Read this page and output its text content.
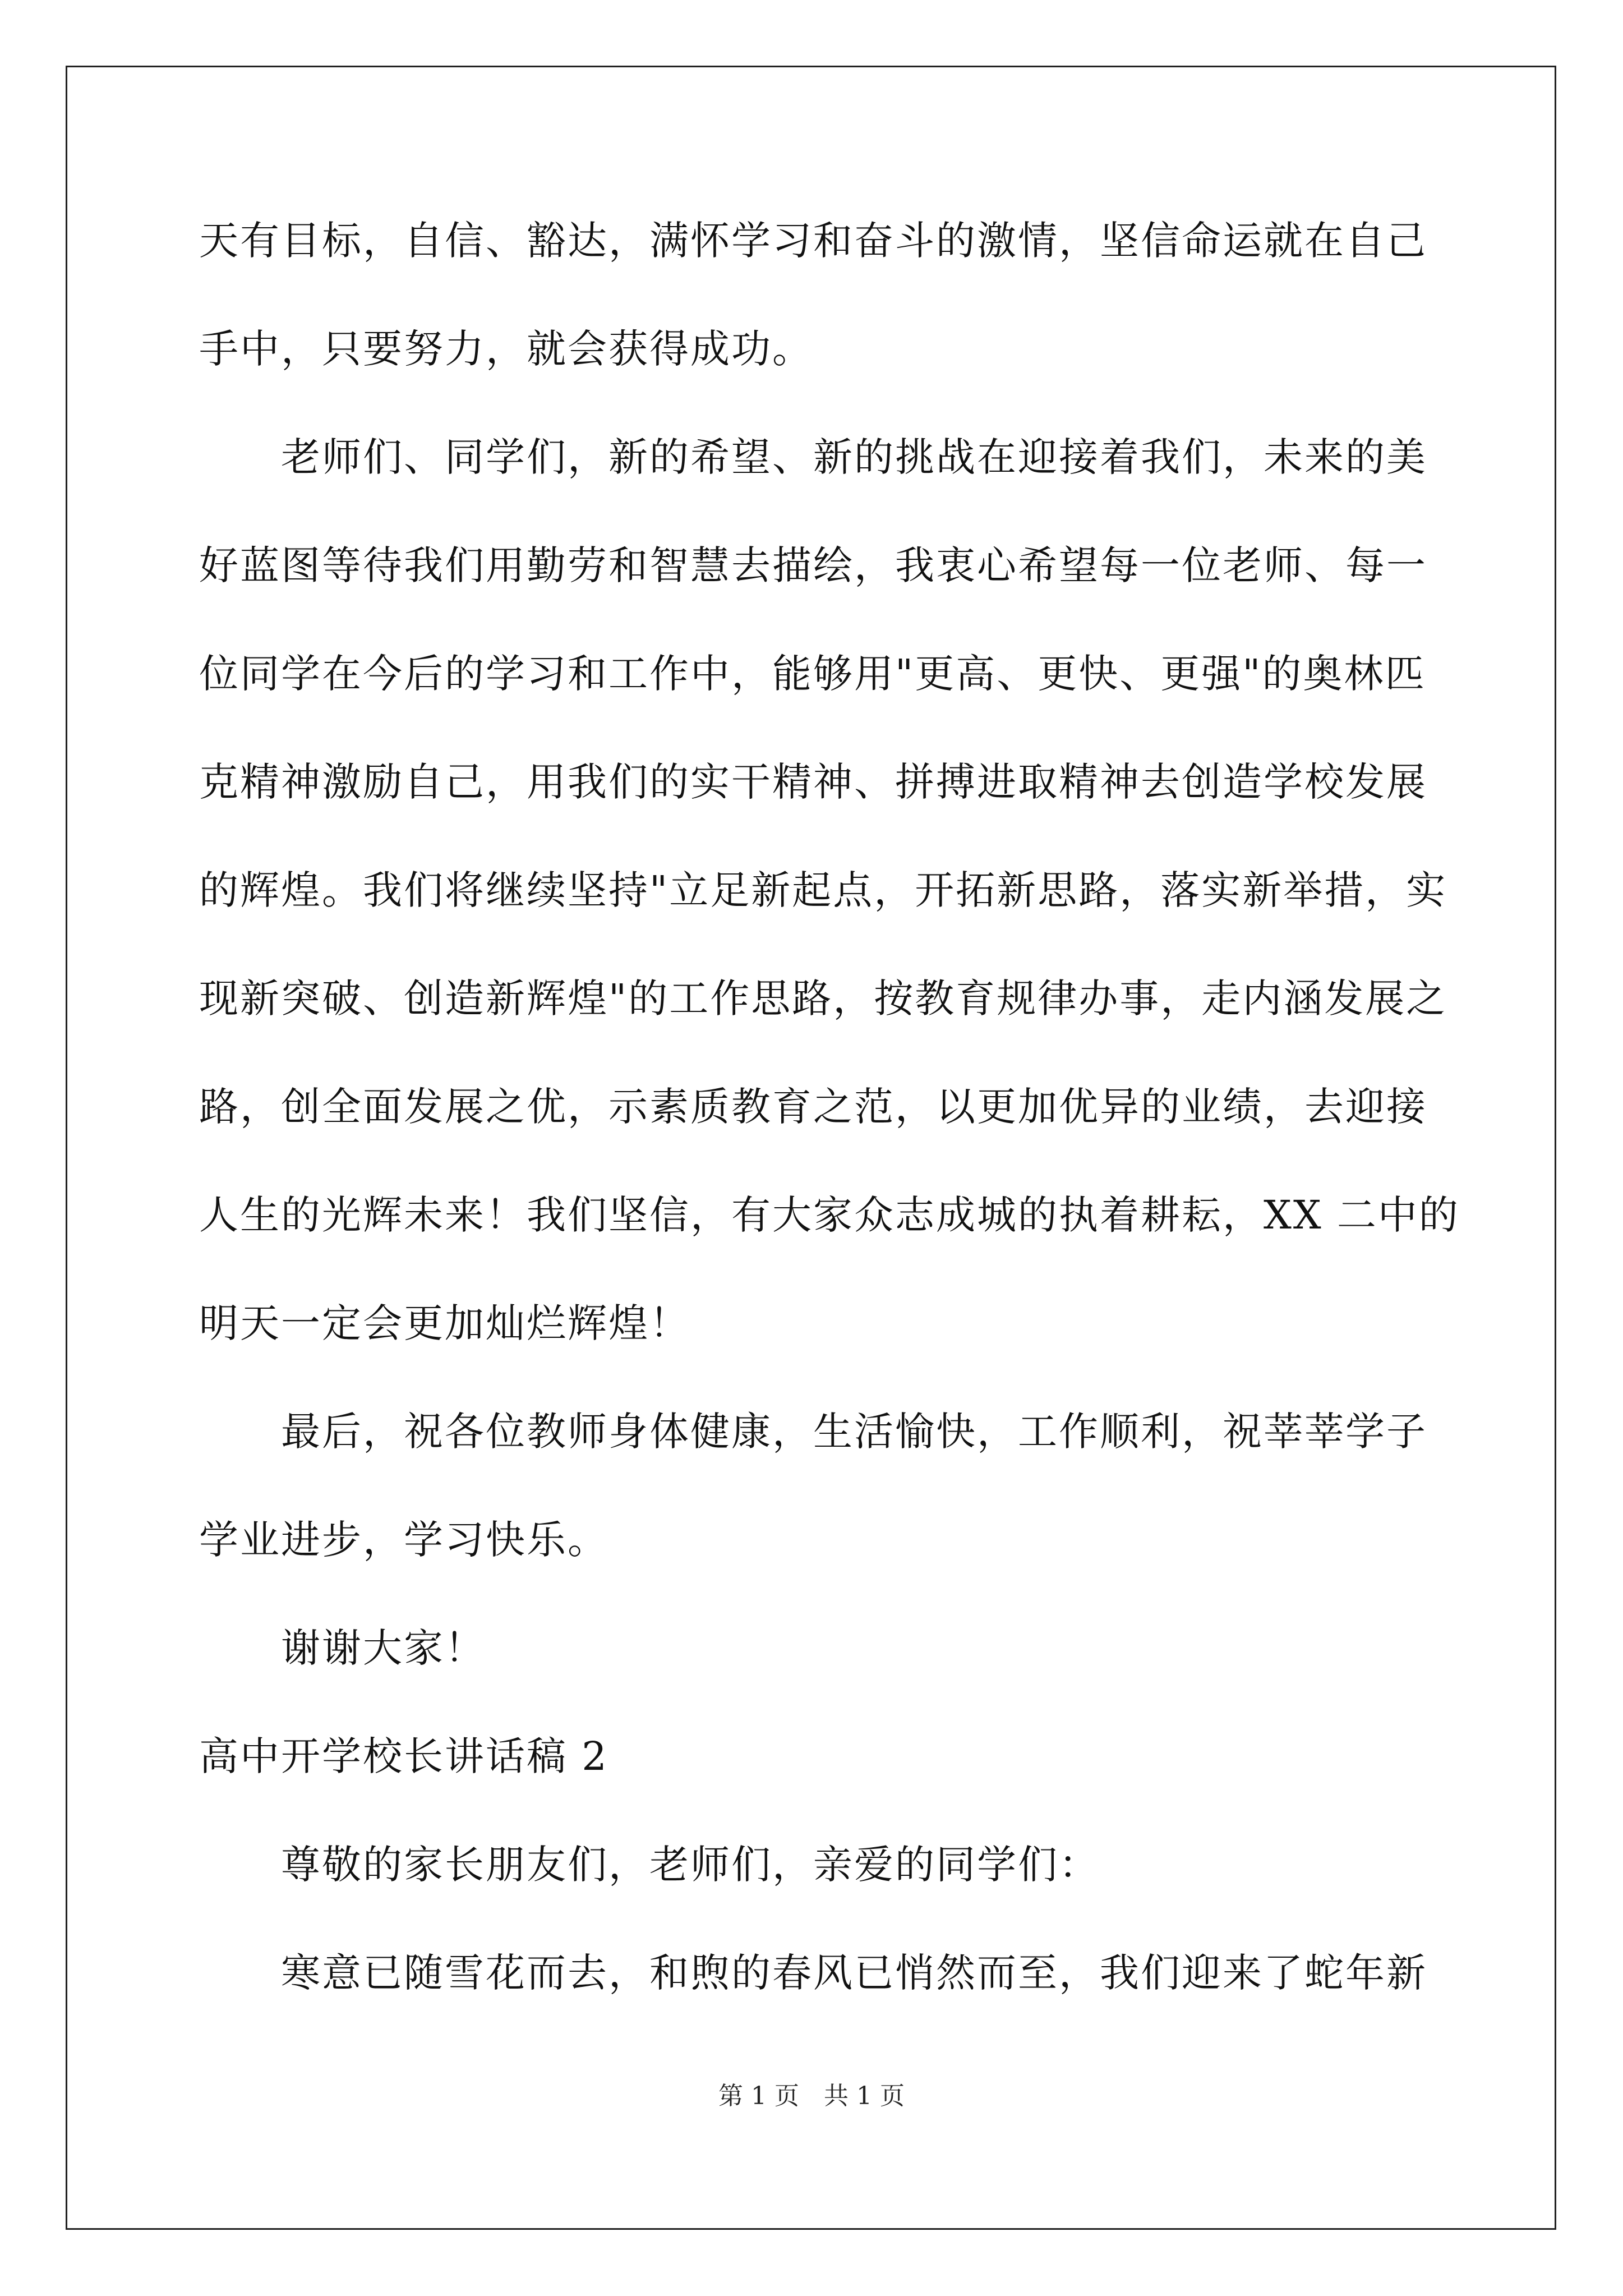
天有目标，自信、豁达，满怀学习和奋斗的激情，坚信命运就在自己
手中，只要努力，就会获得成功。
　　老师们、同学们，新的希望、新的挑战在迎接着我们，未来的美
好蓝图等待我们用勤劳和智慧去描绘，我衷心希望每一位老师、每一
位同学在今后的学习和工作中，能够用"更高、更快、更强"的奥林匹
克精神激励自己，用我们的实干精神、拼搏进取精神去创造学校发展
的辉煌。我们将继续坚持"立足新起点，开拓新思路，落实新举措，实
现新突破、创造新辉煌"的工作思路，按教育规律办事，走内涵发展之
路，创全面发展之优，示素质教育之范，以更加优异的业绩，去迎接
人生的光辉未来！我们坚信，有大家众志成城的执着耕耘，XX 二中的
明天一定会更加灿烂辉煌！
　　最后，祝各位教师身体健康，生活愉快，工作顺利，祝莘莘学子
学业进步，学习快乐。
　　谢谢大家！
高中开学校长讲话稿 2
　　尊敬的家长朋友们，老师们，亲爱的同学们：
　　寒意已随雪花而去，和煦的春风已悄然而至，我们迎来了蛇年新
第 1 页　共 1 页
